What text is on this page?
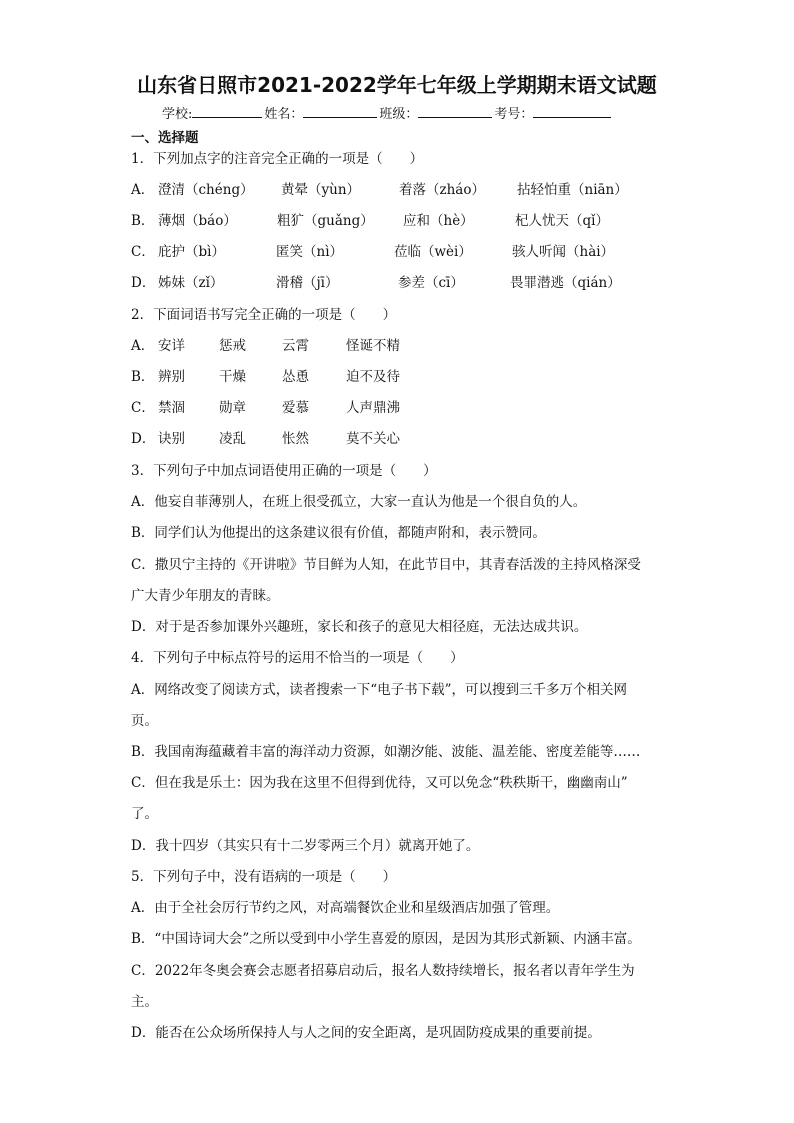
山东省日照市2021-2022学年七年级上学期期末语文试题
学校:	姓名：	班级：	考号：
一、选择题
1．下列加点字的注音完全正确的一项是（　　）
A． 澄清（chéng） 黄晕（yùn）	着落（zháo） 拈轻怕重（niān）
B． 薄烟（báo）	粗犷（guǎng） 应和（hè）	杞人忧天（qǐ）
C． 庇护（bì）	匿笑（nì）	莅临（wèi）	骇人听闻（hài）
D． 姊妹（zǐ）	滑稽（jī）	参差（cī）	畏罪潜逃（qián）
2．下面词语书写完全正确的一项是（　　）
A． 安详	惩戒	云霄	怪诞不精
B． 辨别	干燥	怂恿	迫不及待
C． 禁涸	勋章	爱慕	人声鼎沸
D． 诀别	凌乱	怅然	莫不关心
3．下列句子中加点词语使用正确的一项是（　　）
A．他妄自菲薄别人，在班上很受孤立，大家一直认为他是一个很自负的人。
B．同学们认为他提出的这条建议很有价值，都随声附和，表示赞同。
C．撒贝宁主持的《开讲啦》节目鲜为人知，在此节目中，其青春活泼的主持风格深受
广大青少年朋友的青睐。
D．对于是否参加课外兴趣班，家长和孩子的意见大相径庭，无法达成共识。
4．下列句子中标点符号的运用不恰当的一项是（　　）
A．网络改变了阅读方式，读者搜索一下“电子书下载”，可以搜到三千多万个相关网
页。
B．我国南海蕴藏着丰富的海洋动力资源，如潮汐能、波能、温差能、密度差能等……
C．但在我是乐土：因为我在这里不但得到优待，又可以免念“秩秩斯干，幽幽南山”
了。
D．我十四岁（其实只有十二岁零两三个月）就离开她了。
5．下列句子中，没有语病的一项是（　　）
A．由于全社会厉行节约之风，对高端餐饮企业和星级酒店加强了管理。
B．“中国诗词大会”之所以受到中小学生喜爱的原因，是因为其形式新颖、内涵丰富。
C．2022年冬奥会赛会志愿者招募启动后，报名人数持续增长，报名者以青年学生为
主。
D．能否在公众场所保持人与人之间的安全距离，是巩固防疫成果的重要前提。
